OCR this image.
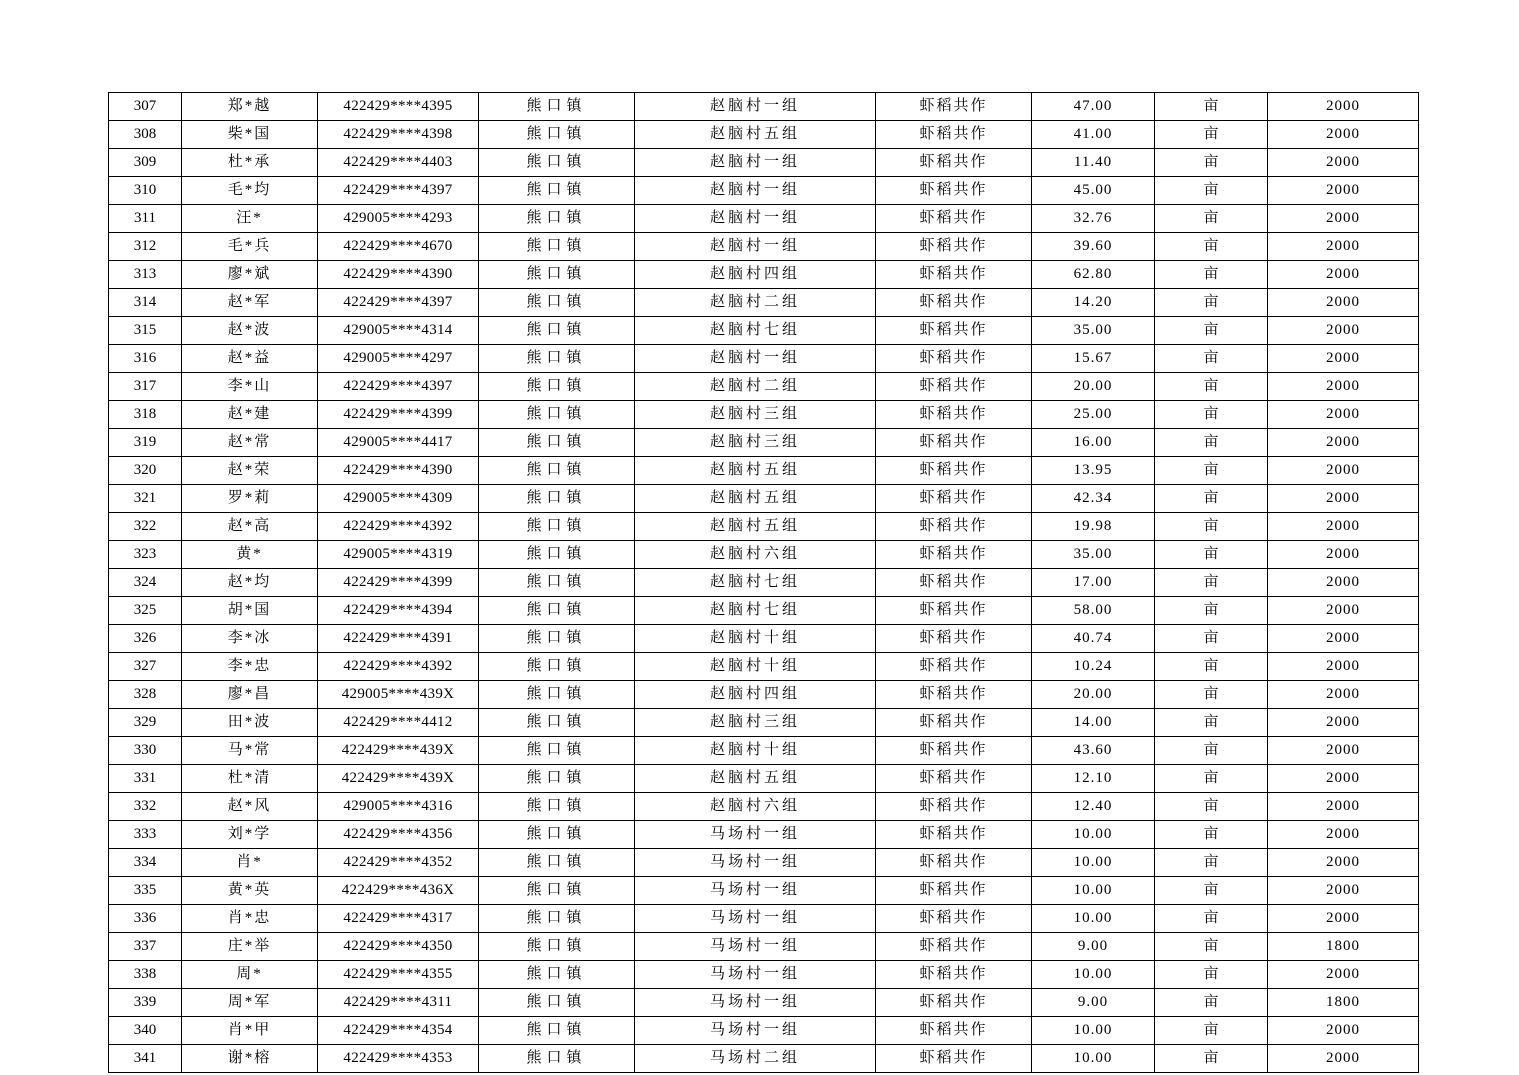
307	郑*越	422429****4395	熊口镇	赵脑村一组	虾稻共作	47.00	亩	2000
308	柴*国	422429****4398	熊口镇	赵脑村五组	虾稻共作	41.00	亩	2000
309	杜*承	422429****4403	熊口镇	赵脑村一组	虾稻共作	11.40	亩	2000
310	毛*均	422429****4397	熊口镇	赵脑村一组	虾稻共作	45.00	亩	2000
311	汪*	429005****4293	熊口镇	赵脑村一组	虾稻共作	32.76	亩	2000
312	毛*兵	422429****4670	熊口镇	赵脑村一组	虾稻共作	39.60	亩	2000
313	廖*斌	422429****4390	熊口镇	赵脑村四组	虾稻共作	62.80	亩	2000
314	赵*军	422429****4397	熊口镇	赵脑村二组	虾稻共作	14.20	亩	2000
315	赵*波	429005****4314	熊口镇	赵脑村七组	虾稻共作	35.00	亩	2000
316	赵*益	429005****4297	熊口镇	赵脑村一组	虾稻共作	15.67	亩	2000
317	李*山	422429****4397	熊口镇	赵脑村二组	虾稻共作	20.00	亩	2000
318	赵*建	422429****4399	熊口镇	赵脑村三组	虾稻共作	25.00	亩	2000
319	赵*常	429005****4417	熊口镇	赵脑村三组	虾稻共作	16.00	亩	2000
320	赵*荣	422429****4390	熊口镇	赵脑村五组	虾稻共作	13.95	亩	2000
321	罗*莉	429005****4309	熊口镇	赵脑村五组	虾稻共作	42.34	亩	2000
322	赵*高	422429****4392	熊口镇	赵脑村五组	虾稻共作	19.98	亩	2000
323	黄*	429005****4319	熊口镇	赵脑村六组	虾稻共作	35.00	亩	2000
324	赵*均	422429****4399	熊口镇	赵脑村七组	虾稻共作	17.00	亩	2000
325	胡*国	422429****4394	熊口镇	赵脑村七组	虾稻共作	58.00	亩	2000
326	李*冰	422429****4391	熊口镇	赵脑村十组	虾稻共作	40.74	亩	2000
327	李*忠	422429****4392	熊口镇	赵脑村十组	虾稻共作	10.24	亩	2000
328	廖*昌	429005****439X	熊口镇	赵脑村四组	虾稻共作	20.00	亩	2000
329	田*波	422429****4412	熊口镇	赵脑村三组	虾稻共作	14.00	亩	2000
330	马*常	422429****439X	熊口镇	赵脑村十组	虾稻共作	43.60	亩	2000
331	杜*清	422429****439X	熊口镇	赵脑村五组	虾稻共作	12.10	亩	2000
332	赵*风	429005****4316	熊口镇	赵脑村六组	虾稻共作	12.40	亩	2000
333	刘*学	422429****4356	熊口镇	马场村一组	虾稻共作	10.00	亩	2000
334	肖*	422429****4352	熊口镇	马场村一组	虾稻共作	10.00	亩	2000
335	黄*英	422429****436X	熊口镇	马场村一组	虾稻共作	10.00	亩	2000
336	肖*忠	422429****4317	熊口镇	马场村一组	虾稻共作	10.00	亩	2000
337	庄*举	422429****4350	熊口镇	马场村一组	虾稻共作	9.00	亩	1800
338	周*	422429****4355	熊口镇	马场村一组	虾稻共作	10.00	亩	2000
339	周*军	422429****4311	熊口镇	马场村一组	虾稻共作	9.00	亩	1800
340	肖*甲	422429****4354	熊口镇	马场村一组	虾稻共作	10.00	亩	2000
341	谢*榕	422429****4353	熊口镇	马场村二组	虾稻共作	10.00	亩	2000
